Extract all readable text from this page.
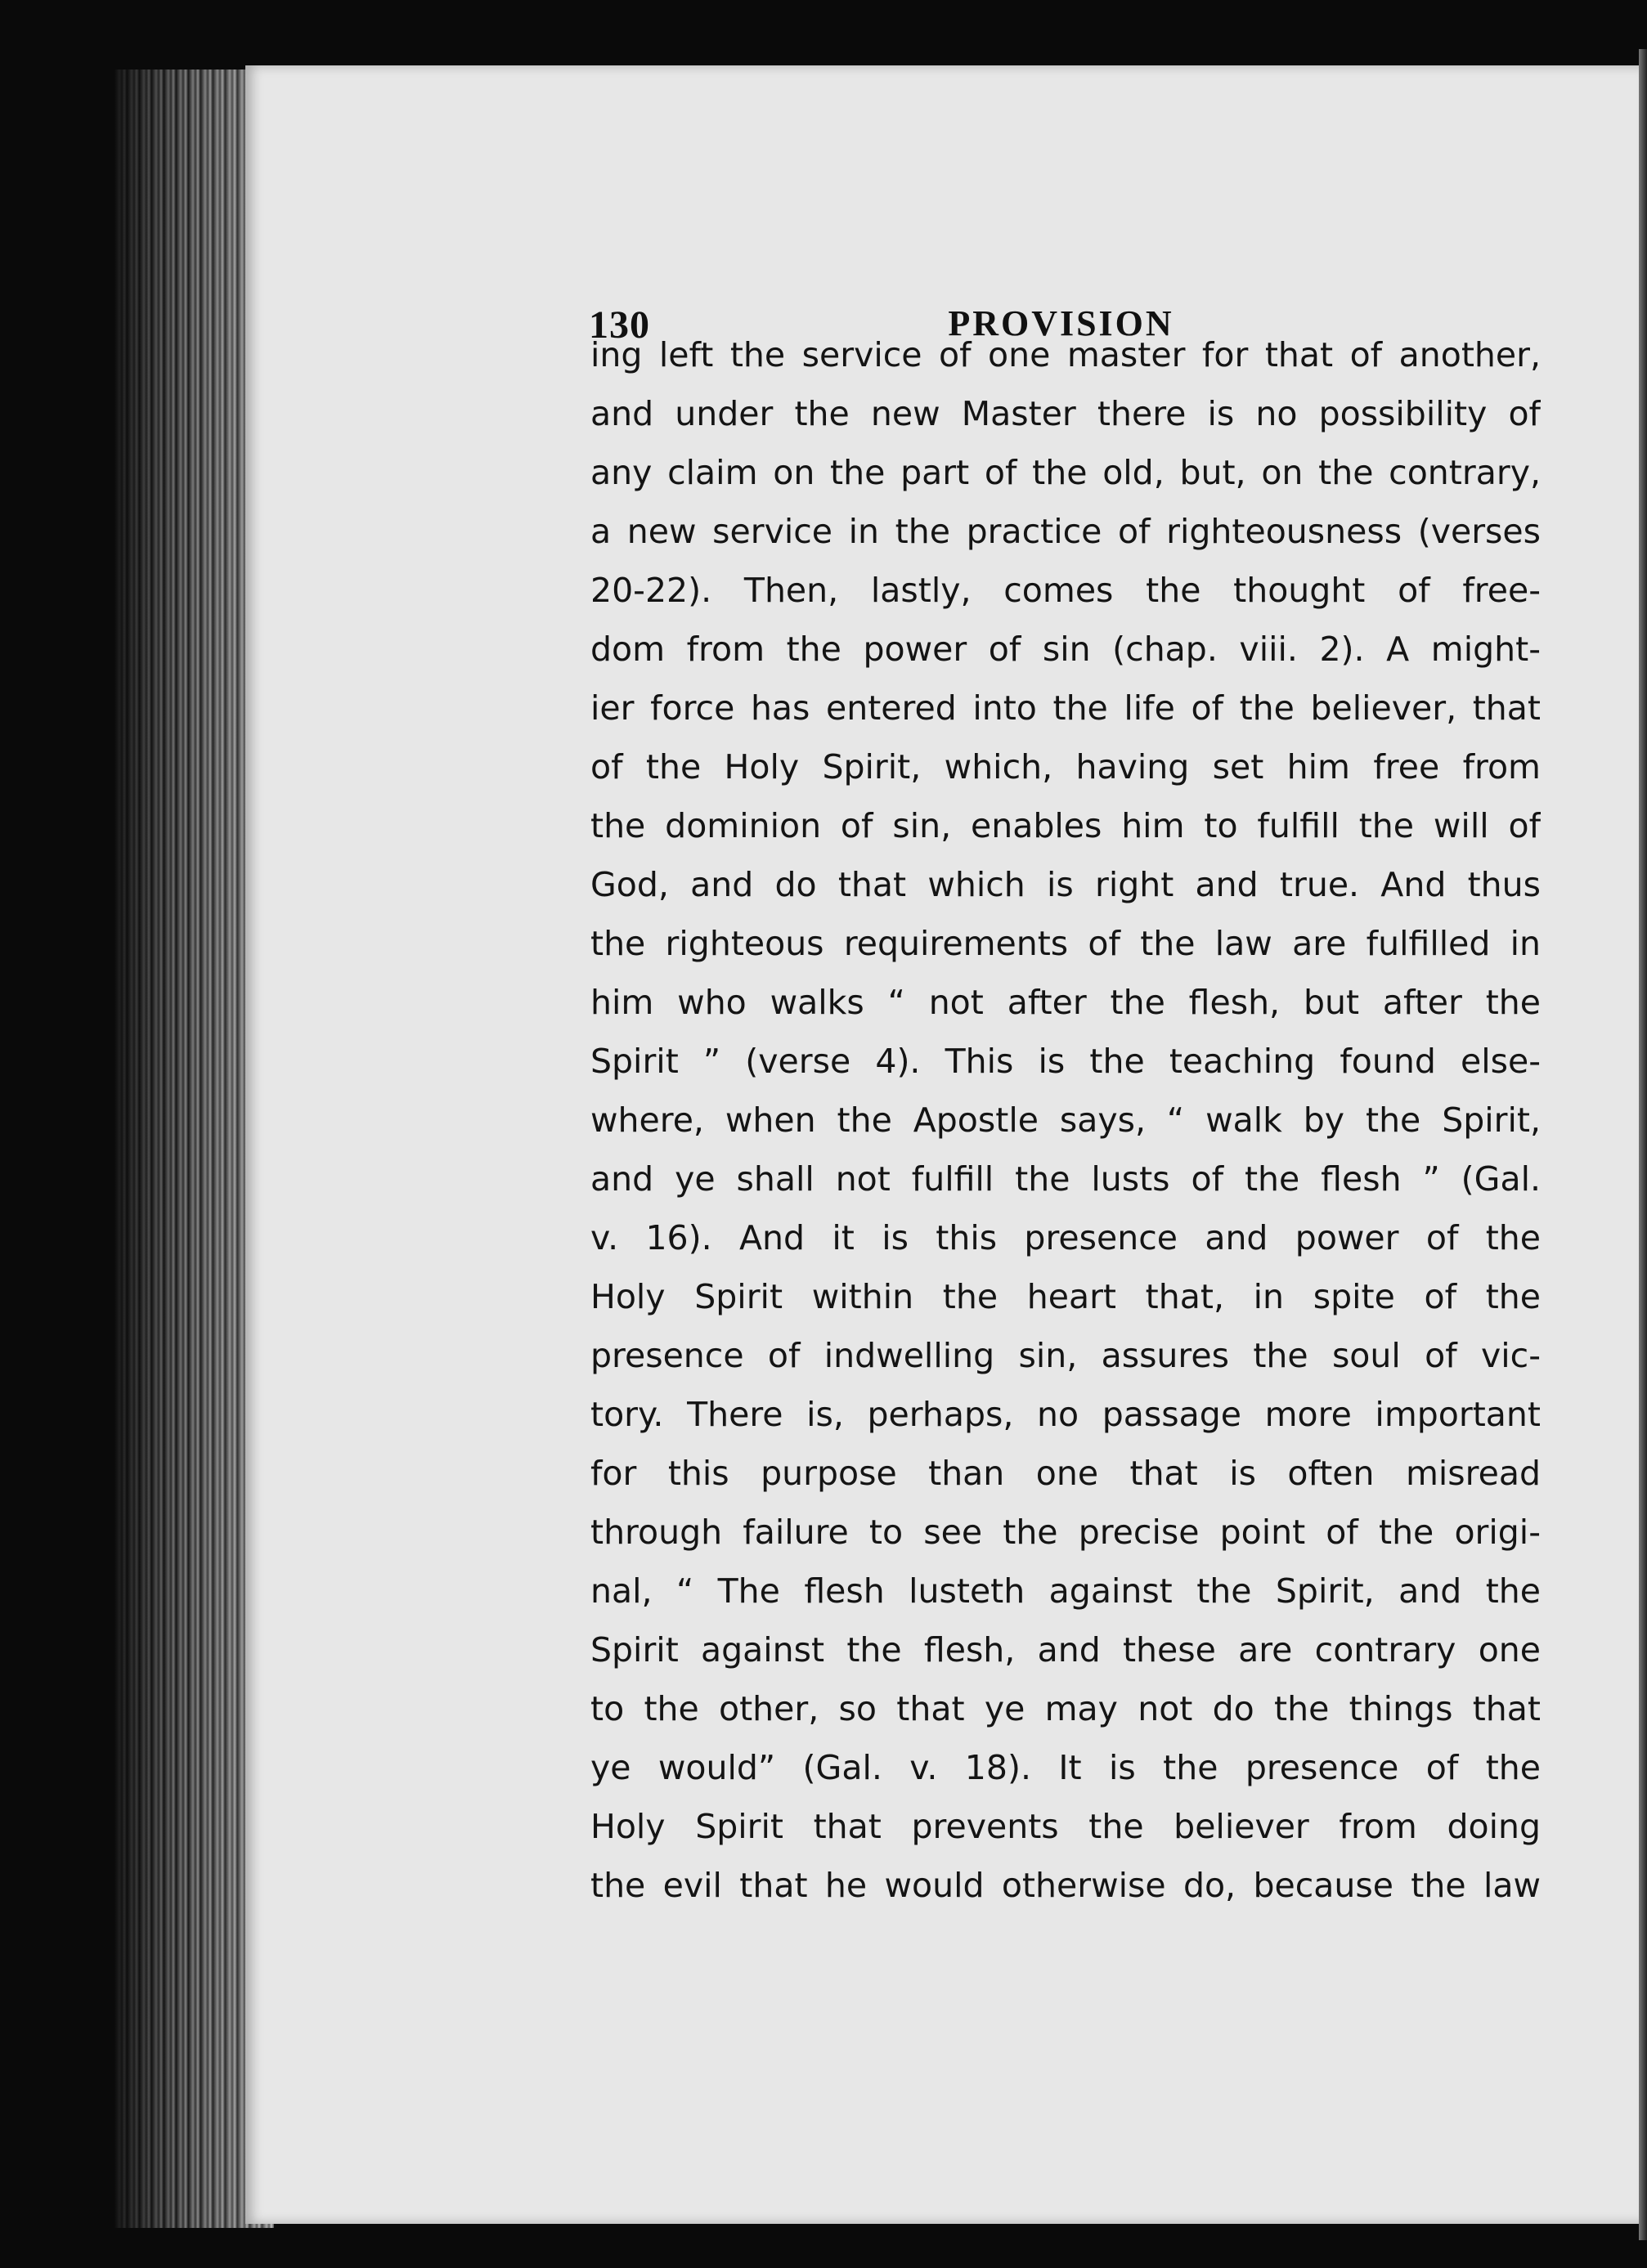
130	PROVISION
ing left the service of one master for that of another,
and under the new Master there is no possibility of
any claim on the part of the old, but, on the contrary,
a new service in the practice of righteousness (verses
20-22). Then, lastly, comes the thought of free-
dom from the power of sin (chap. viii. 2). A might-
ier force has entered into the life of the believer, that
of the Holy Spirit, which, having set him free from
the dominion of sin, enables him to fulfill the will of
God, and do that which is right and true. And thus
the righteous requirements of the law are fulfilled in
him who walks “ not after the flesh, but after the
Spirit ” (verse 4). This is the teaching found else-
where, when the Apostle says, “ walk by the Spirit,
and ye shall not fulfill the lusts of the flesh ” (Gal.
v. 16). And it is this presence and power of the
Holy Spirit within the heart that, in spite of the
presence of indwelling sin, assures the soul of vic-
tory. There is, perhaps, no passage more important
for this purpose than one that is often misread
through failure to see the precise point of the origi-
nal, “ The flesh lusteth against the Spirit, and the
Spirit against the flesh, and these are contrary one
to the other, so that ye may not do the things that
ye would” (Gal. v. 18). It is the presence of the
Holy Spirit that prevents the believer from doing
the evil that he would otherwise do, because the law
